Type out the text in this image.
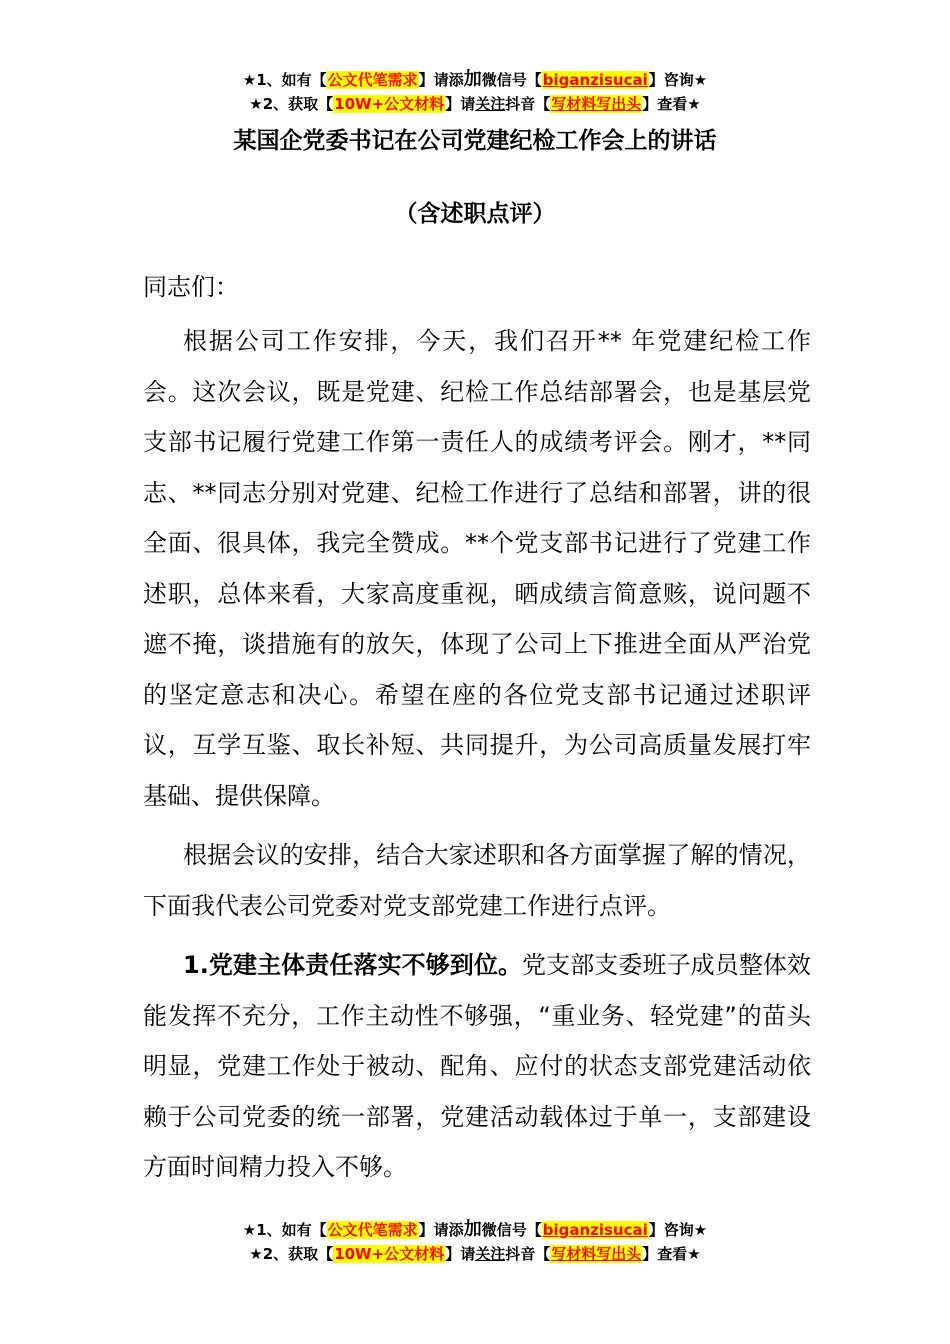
★1、如有【公文代笔需求】请添加微信号【biganzisucai】咨询★
★2、获取【10W+公文材料】请关注抖音【写材料写出头】查看★
某国企党委书记在公司党建纪检工作会上的讲话
（含述职点评）

同志们：

根据公司工作安排，今天，我们召开** 年党建纪检工作会。这次会议，既是党建、纪检工作总结部署会，也是基层党支部书记履行党建工作第一责任人的成绩考评会。刚才，**同志、**同志分别对党建、纪检工作进行了总结和部署，讲的很全面、很具体，我完全赞成。**个党支部书记进行了党建工作述职，总体来看，大家高度重视，晒成绩言简意赅，说问题不遮不掩，谈措施有的放矢，体现了公司上下推进全面从严治党的坚定意志和决心。希望在座的各位党支部书记通过述职评议，互学互鉴、取长补短、共同提升，为公司高质量发展打牢基础、提供保障。

根据会议的安排，结合大家述职和各方面掌握了解的情况，下面我代表公司党委对党支部党建工作进行点评。

1.党建主体责任落实不够到位。党支部支委班子成员整体效能发挥不充分，工作主动性不够强，“重业务、轻党建”的苗头明显，党建工作处于被动、配角、应付的状态支部党建活动依赖于公司党委的统一部署，党建活动载体过于单一，支部建设方面时间精力投入不够。

★1、如有【公文代笔需求】请添加微信号【biganzisucai】咨询★
★2、获取【10W+公文材料】请关注抖音【写材料写出头】查看★
